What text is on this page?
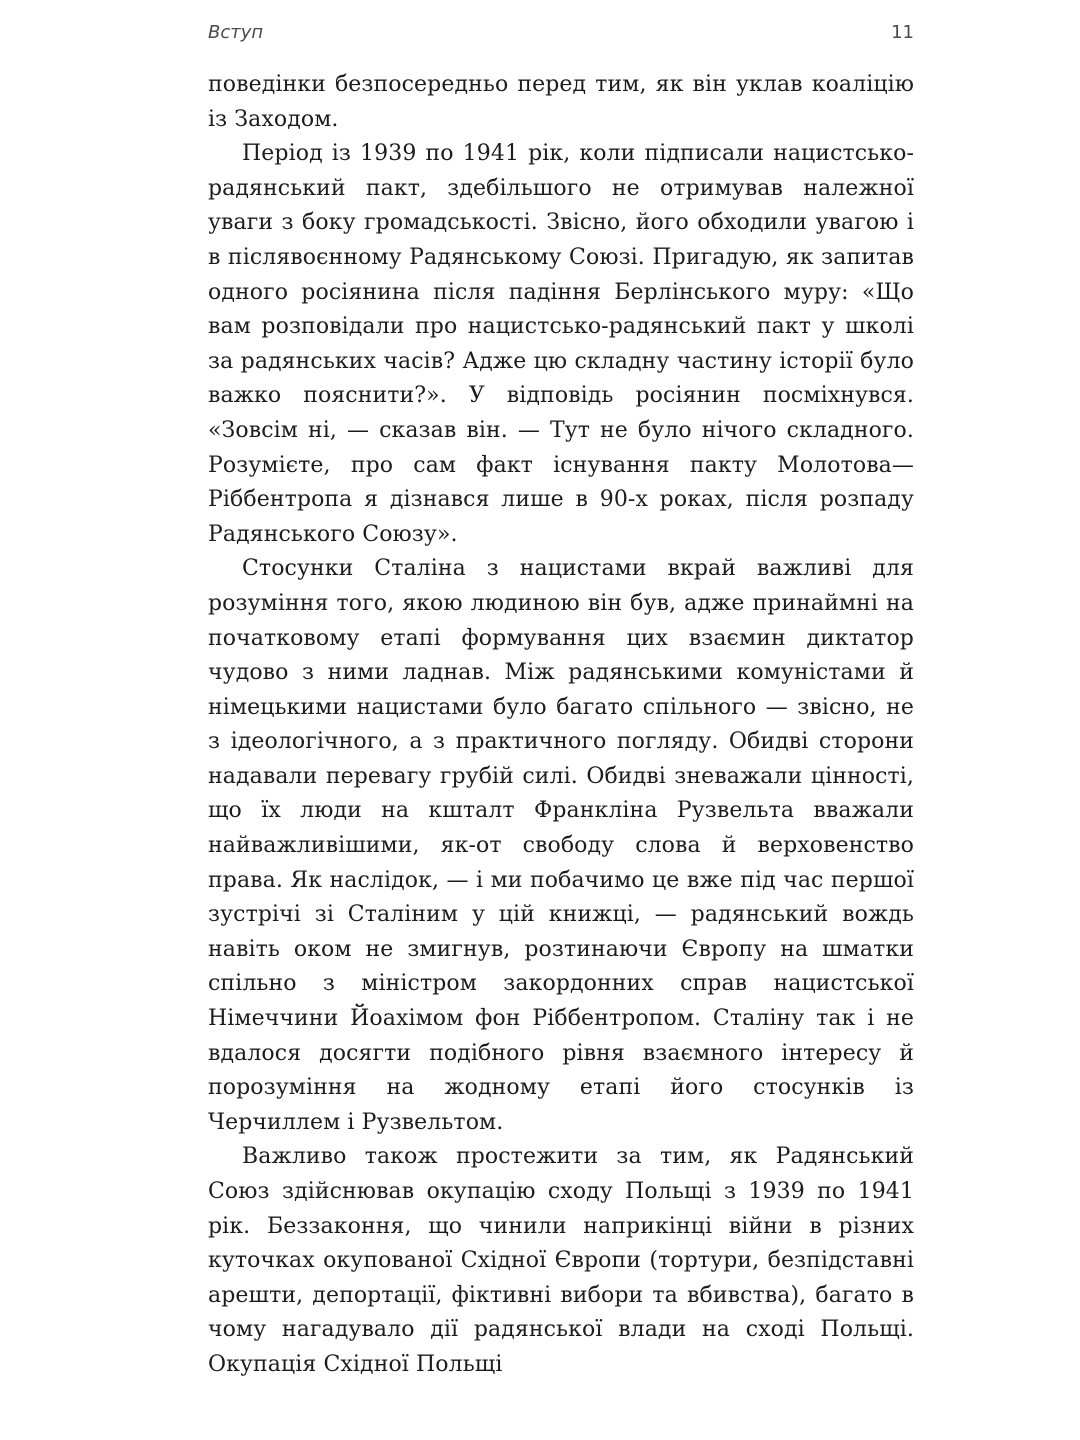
Вступ	11

поведінки безпосередньо перед тим, як він уклав коаліцію із Заходом.

Період із 1939 по 1941 рік, коли підписали нацистсько-радянський пакт, здебільшого не отримував належної уваги з боку громадськості. Звісно, його обходили увагою і в післявоєнному Радянському Союзі. Пригадую, як запитав одного росіянина після падіння Берлінського муру: «Що вам розповідали про нацистсько-радянський пакт у школі за радянських часів? Адже цю складну частину історії було важко пояснити?». У відповідь росіянин посміхнувся. «Зовсім ні, — сказав він. — Тут не було нічого складного. Розумієте, про сам факт існування пакту Молотова—Ріббентропа я дізнався лише в 90-х роках, після розпаду Радянського Союзу».

Стосунки Сталіна з нацистами вкрай важливі для розуміння того, якою людиною він був, адже принаймні на початковому етапі формування цих взаємин диктатор чудово з ними ладнав. Між радянськими комуністами й німецькими нацистами було багато спільного — звісно, не з ідеологічного, а з практичного погляду. Обидві сторони надавали перевагу грубій силі. Обидві зневажали цінності, що їх люди на кшталт Франкліна Рузвельта вважали найважливішими, як-от свободу слова й верховенство права. Як наслідок, — і ми побачимо це вже під час першої зустрічі зі Сталіним у цій книжці, — радянський вождь навіть оком не змигнув, розтинаючи Європу на шматки спільно з міністром закордонних справ нацистської Німеччини Йоахімом фон Ріббентропом. Сталіну так і не вдалося досягти подібного рівня взаємного інтересу й порозуміння на жодному етапі його стосунків із Черчиллем і Рузвельтом.

Важливо також простежити за тим, як Радянський Союз здійснював окупацію сходу Польщі з 1939 по 1941 рік. Беззаконня, що чинили наприкінці війни в різних куточках окупованої Східної Європи (тортури, безпідставні арешти, депортації, фіктивні вибори та вбивства), багато в чому нагадувало дії радянської влади на сході Польщі. Окупація Східної Польщі
